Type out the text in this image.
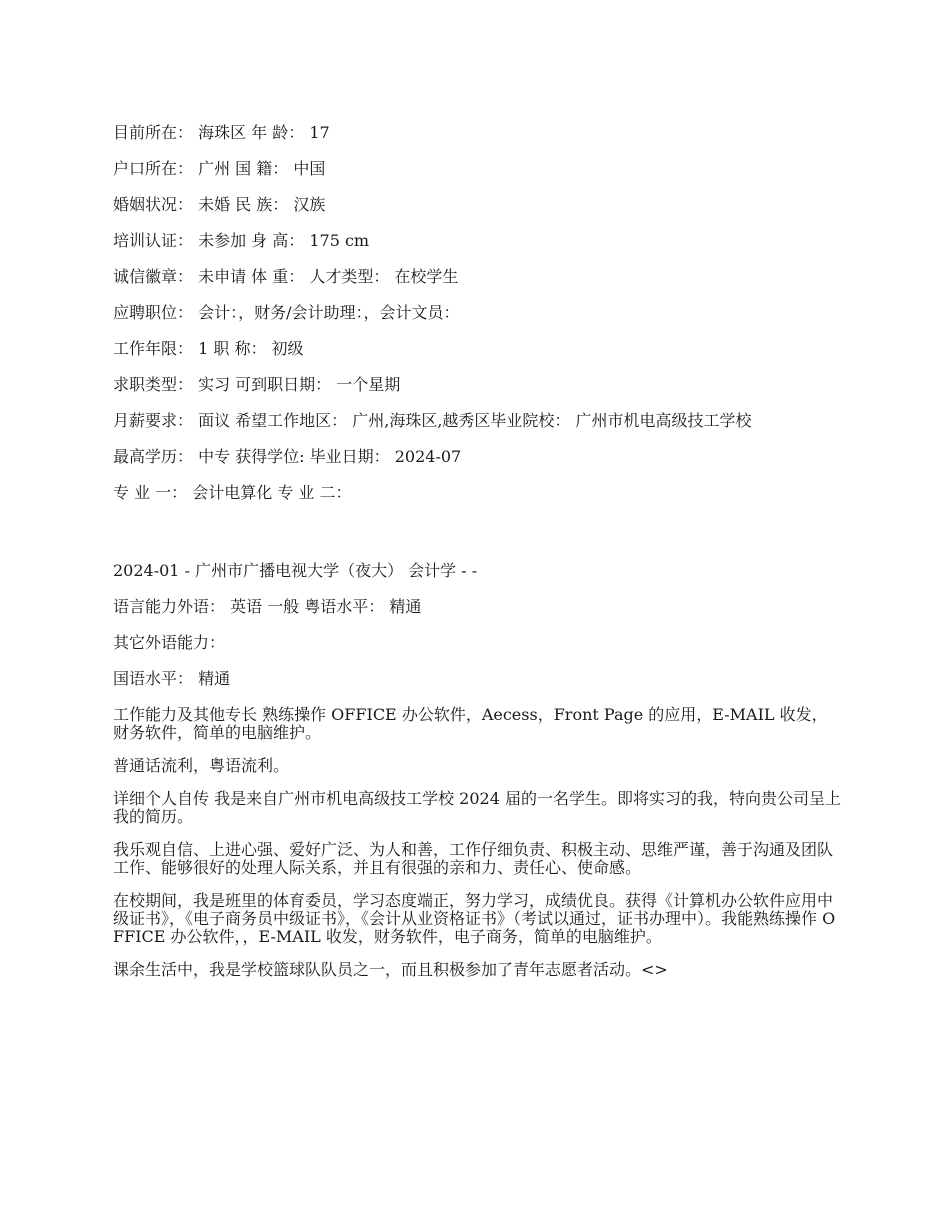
目前所在： 海珠区 年 龄： 17

户口所在： 广州 国 籍： 中国

婚姻状况： 未婚 民 族： 汉族

培训认证： 未参加 身 高： 175 cm

诚信徽章： 未申请 体 重： 人才类型： 在校学生

应聘职位： 会计：，财务/会计助理：，会计文员：

工作年限： 1 职 称： 初级

求职类型： 实习 可到职日期： 一个星期

月薪要求： 面议 希望工作地区： 广州,海珠区,越秀区毕业院校： 广州市机电高级技工学校

最高学历： 中专 获得学位: 毕业日期： 2024-07

专 业 一： 会计电算化 专 业 二：

2024-01 - 广州市广播电视大学（夜大） 会计学 - -

语言能力外语： 英语 一般 粤语水平： 精通

其它外语能力：

国语水平： 精通

工作能力及其他专长 熟练操作 OFFICE 办公软件，Aecess，Front Page 的应用，E-MAIL 收发，财务软件，简单的电脑维护。

普通话流利，粤语流利。

详细个人自传 我是来自广州市机电高级技工学校 2024 届的一名学生。即将实习的我，特向贵公司呈上我的简历。

我乐观自信、上进心强、爱好广泛、为人和善，工作仔细负责、积极主动、思维严谨，善于沟通及团队工作、能够很好的处理人际关系，并且有很强的亲和力、责任心、使命感。

在校期间，我是班里的体育委员，学习态度端正，努力学习，成绩优良。获得《计算机办公软件应用中级证书》，《电子商务员中级证书》，《会计从业资格证书》（考试以通过，证书办理中）。我能熟练操作 OFFICE 办公软件，，E-MAIL 收发，财务软件，电子商务，简单的电脑维护。

课余生活中，我是学校篮球队队员之一，而且积极参加了青年志愿者活动。<>
